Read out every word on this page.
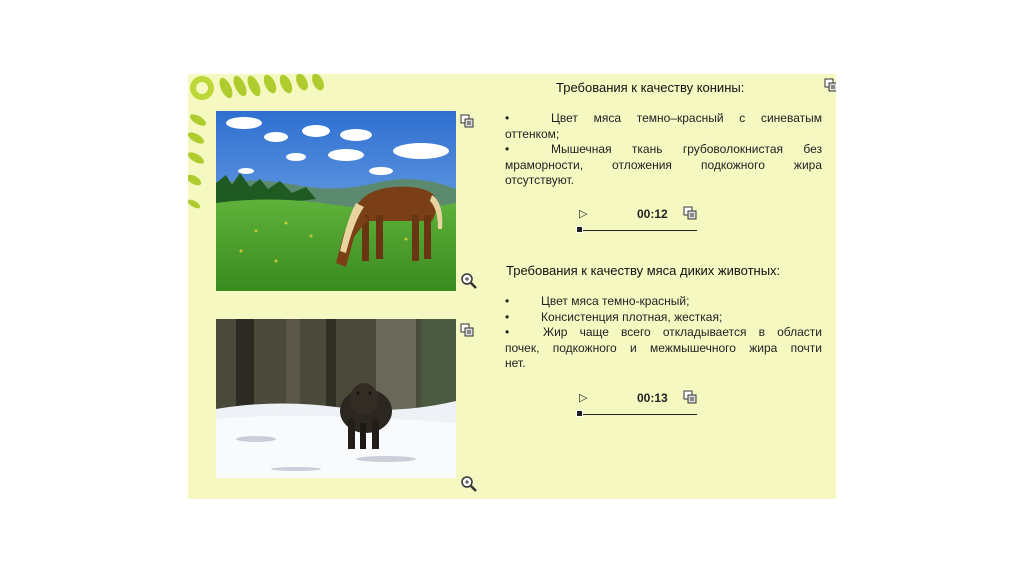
Требования к качеству конины:
•	Цвет мяса темно–красный с синеватым
оттенком;
•	Мышечная ткань грубоволокнистая без
мраморности, отложения подкожного жира
отсутствуют.
▷	00:12
Требования к качеству мяса диких животных:
•	Цвет мяса темно-красный;
•	Консистенция плотная, жесткая;
•	Жир чаще всего откладывается в области
почек, подкожного и межмышечного жира почти
нет.
▷	00:13
